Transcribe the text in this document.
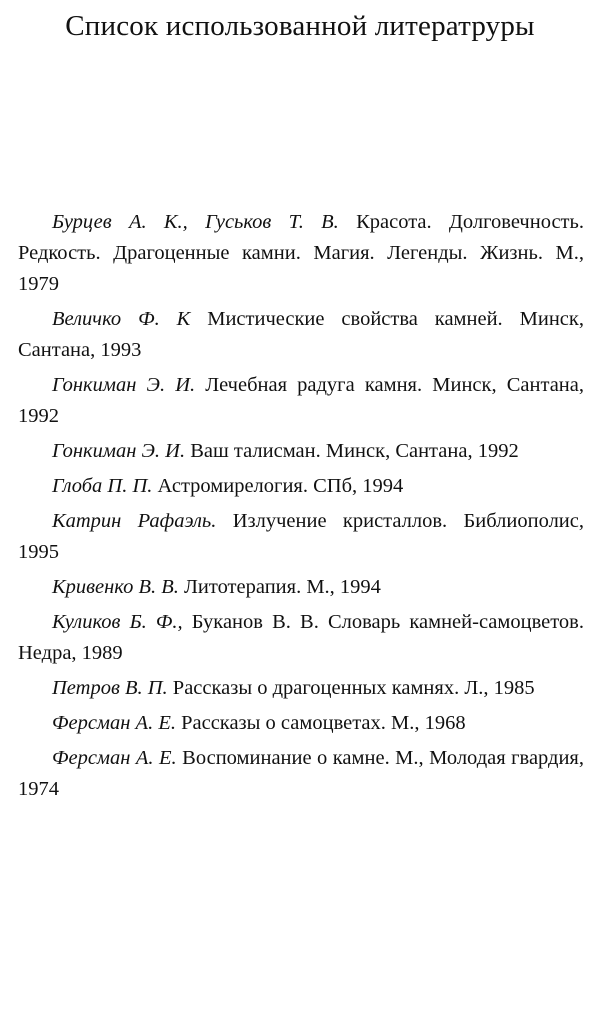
Список использованной литератруры
Бурцев А. К., Гуськов Т. В. Красота. Долговечность. Редкость. Драгоценные камни. Магия. Легенды. Жизнь. М., 1979
Величко Ф. К Мистические свойства камней. Минск, Сантана, 1993
Гонкиман Э. И. Лечебная радуга камня. Минск, Сантана, 1992
Гонкиман Э. И. Ваш талисман. Минск, Сантана, 1992
Глоба П. П. Астромирелогия. СПб, 1994
Катрин Рафаэль. Излучение кристаллов. Библиополис, 1995
Кривенко В. В. Литотерапия. М., 1994
Куликов Б. Ф., Буканов В. В. Словарь камней-самоцветов. Недра, 1989
Петров В. П. Рассказы о драгоценных камнях. Л., 1985
Ферсман А. Е. Рассказы о самоцветах. М., 1968
Ферсман А. Е. Воспоминание о камне. М., Молодая гвардия, 1974
